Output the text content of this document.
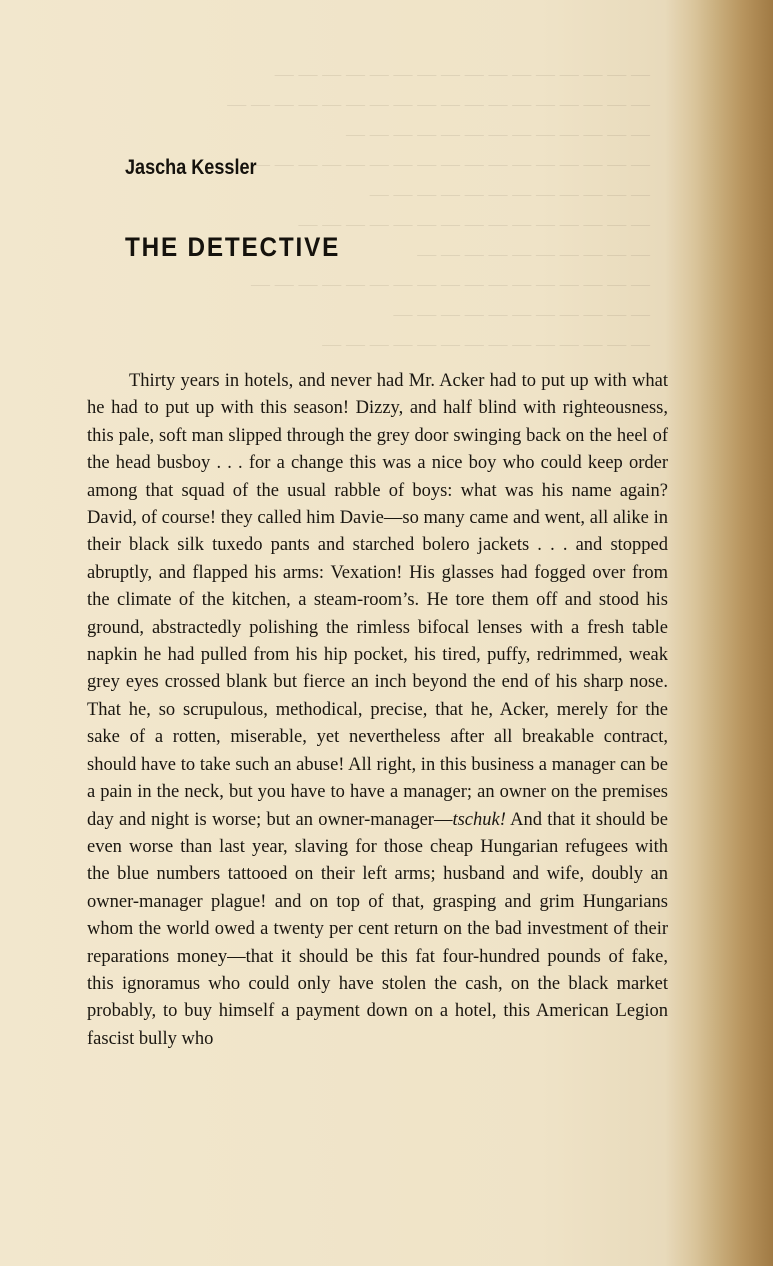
— — — — — — — — — — — — — — — —
— — — — — — — — — — — — — — — — — —
— — — — — — — — — — — — —
— — — — — — — — — — — — — — — — —
— — — — — — — — — — — —
— — — — — — — — — — — — — — —
— — — — — — — — — —
— — — — — — — — — — — — — — — — —
— — — — — — — — — — —
— — — — — — — — — — — — — —
Jascha Kessler
THE DETECTIVE

Thirty years in hotels, and never had Mr. Acker had to put up with what he had to put up with this season! Dizzy, and half blind with righteousness, this pale, soft man slipped through the grey door swinging back on the heel of the head busboy . . . for a change this was a nice boy who could keep order among that squad of the usual rabble of boys: what was his name again? David, of course! they called him Davie—so many came and went, all alike in their black silk tuxedo pants and starched bolero jackets . . . and stopped abruptly, and flapped his arms: Vexation! His glasses had fogged over from the climate of the kitchen, a steam-room’s. He tore them off and stood his ground, abstractedly polishing the rimless bifocal lenses with a fresh table napkin he had pulled from his hip pocket, his tired, puffy, redrimmed, weak grey eyes crossed blank but fierce an inch beyond the end of his sharp nose. That he, so scrupulous, methodical, precise, that he, Acker, merely for the sake of a rotten, miserable, yet nevertheless after all breakable contract, should have to take such an abuse! All right, in this business a manager can be a pain in the neck, but you have to have a manager; an owner on the premises day and night is worse; but an owner-manager—tschuk! And that it should be even worse than last year, slaving for those cheap Hungarian refugees with the blue numbers tattooed on their left arms; husband and wife, doubly an owner-manager plague! and on top of that, grasping and grim Hungarians whom the world owed a twenty per cent return on the bad investment of their reparations money—that it should be this fat four-hundred pounds of fake, this ignoramus who could only have stolen the cash, on the black market probably, to buy himself a payment down on a hotel, this American Legion fascist bully who
